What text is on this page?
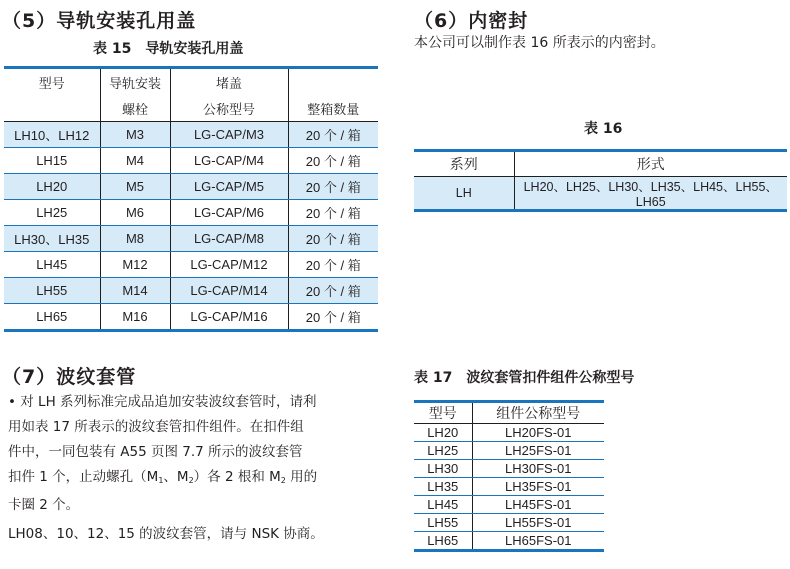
（5）导轨安装孔用盖
表 15　导轨安装孔用盖
型号	导轨安装	堵盖	
	螺栓	公称型号	整箱数量
LH10、LH12	M3	LG-CAP/M3	20 个 / 箱
LH15	M4	LG-CAP/M4	20 个 / 箱
LH20	M5	LG-CAP/M5	20 个 / 箱
LH25	M6	LG-CAP/M6	20 个 / 箱
LH30、LH35	M8	LG-CAP/M8	20 个 / 箱
LH45	M12	LG-CAP/M12	20 个 / 箱
LH55	M14	LG-CAP/M14	20 个 / 箱
LH65	M16	LG-CAP/M16	20 个 / 箱
（6）内密封
本公司可以制作表 16 所表示的内密封。
表 16
系列	形式
LH	LH20、LH25、LH30、LH35、LH45、LH55、LH65
（7）波纹套管
• 对 LH 系列标准完成品追加安装波纹套管时，请利
用如表 17 所表示的波纹套管扣件组件。在扣件组
件中，一同包装有 A55 页图 7.7 所示的波纹套管
扣件 1 个，止动螺孔（$M_1$、$M_2$）各 2 根和 $M_2$ 用的
卡圈 2 个。
LH08、10、12、15 的波纹套管，请与 NSK 协商。
表 17　波纹套管扣件组件公称型号
型号	组件公称型号
LH20	LH20FS-01
LH25	LH25FS-01
LH30	LH30FS-01
LH35	LH35FS-01
LH45	LH45FS-01
LH55	LH55FS-01
LH65	LH65FS-01
